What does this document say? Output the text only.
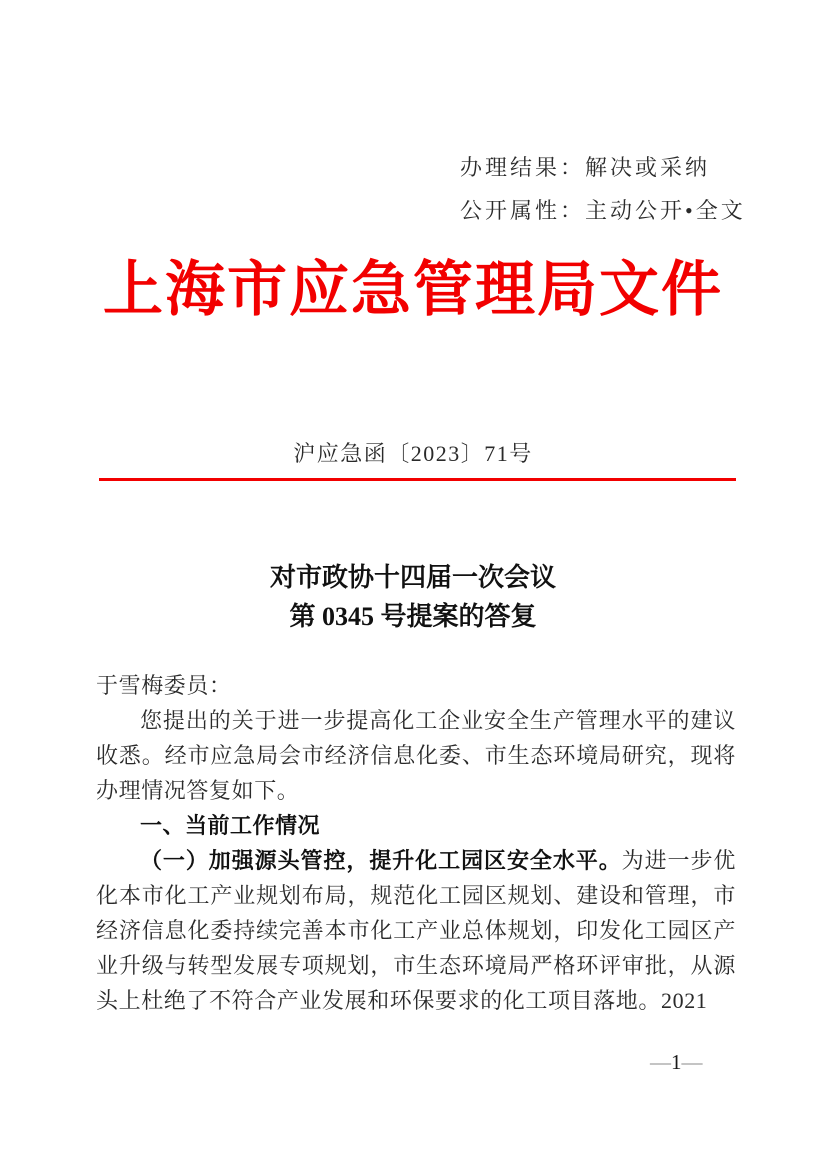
办理结果：解决或采纳
公开属性：主动公开•全文
上海市应急管理局文件
沪应急函〔2023〕71号
对市政协十四届一次会议
第 0345 号提案的答复

于雪梅委员：

您提出的关于进一步提高化工企业安全生产管理水平的建议收悉。经市应急局会市经济信息化委、市生态环境局研究，现将办理情况答复如下。

一、当前工作情况

（一）加强源头管控，提升化工园区安全水平。为进一步优化本市化工产业规划布局，规范化工园区规划、建设和管理，市经济信息化委持续完善本市化工产业总体规划，印发化工园区产业升级与转型发展专项规划，市生态环境局严格环评审批，从源头上杜绝了不符合产业发展和环保要求的化工项目落地。2021

—1—
